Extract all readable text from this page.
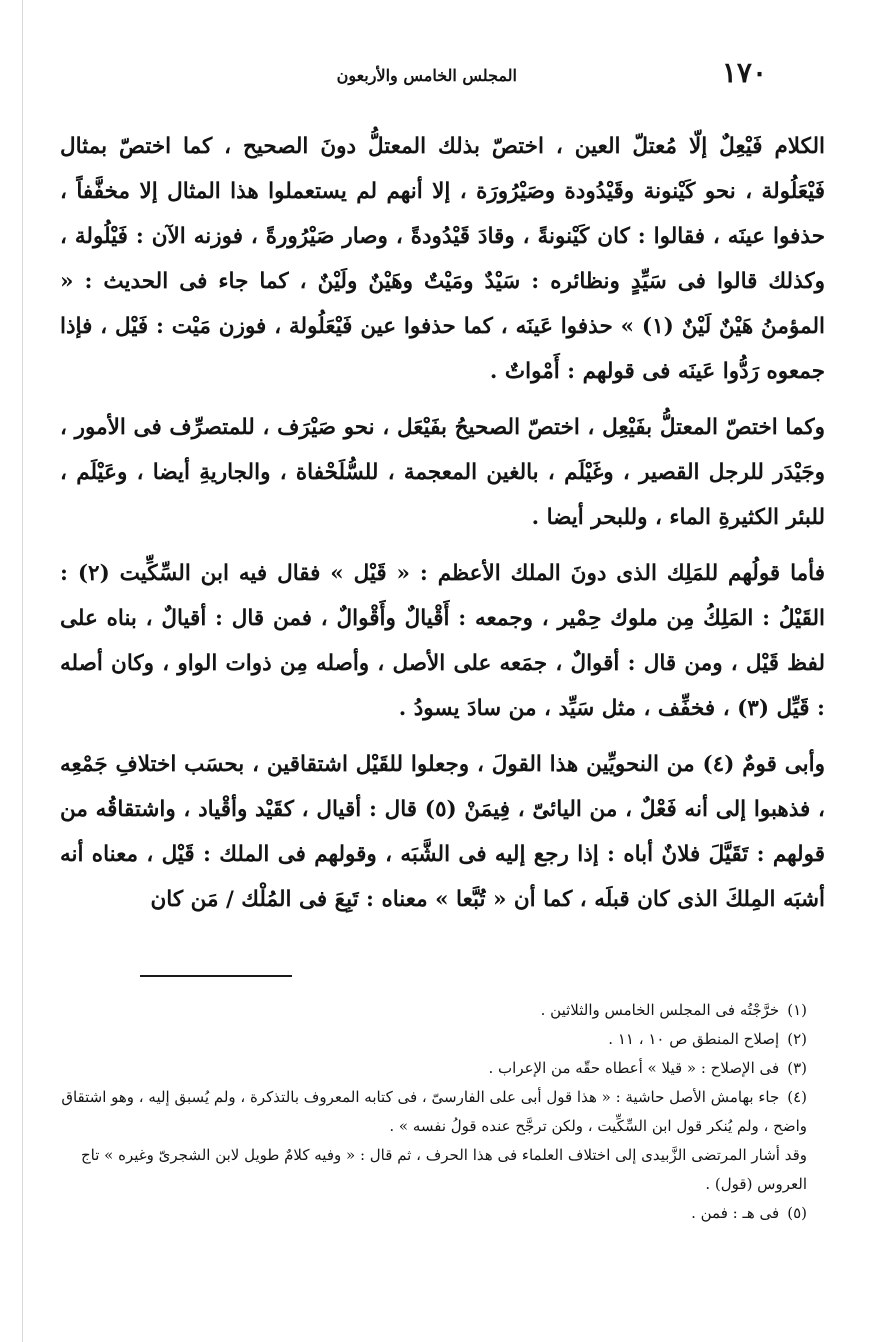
١٧٠
المجلس الخامس والأربعون

الكلام فَيْعِلٌ إلّا مُعتلّ العين ، اختصّ بذلك المعتلُّ دونَ الصحيح ، كما اختصّ بمثال فَيْعَلُولة ، نحو كَيْنونة وقَيْدُودة وصَيْرُورَة ، إلا أنهم لم يستعملوا هذا المثال إلا مخفَّفاً ، حذفوا عينَه ، فقالوا : كان كَيْنونةً ، وقادَ قَيْدُودةً ، وصار صَيْرُورةً ، فوزنه الآن : فَيْلُولة ، وكذلك قالوا فى سَيِّدٍ ونظائره : سَيْدٌ ومَيْتٌ وهَيْنٌ ولَيْنٌ ، كما جاء فى الحديث : « المؤمنُ هَيْنٌ لَيْنٌ (١) » حذفوا عَينَه ، كما حذفوا عين فَيْعَلُولة ، فوزن مَيْت : فَيْل ، فإذا جمعوه رَدُّوا عَينَه فى قولهم : أَمْواتٌ .

وكما اختصّ المعتلُّ بفَيْعِل ، اختصّ الصحيحُ بفَيْعَل ، نحو صَيْرَف ، للمتصرِّف فى الأمور ، وجَيْدَر للرجل القصير ، وغَيْلَم ، بالغين المعجمة ، للسُّلَحْفاة ، والجاريةِ أيضا ، وعَيْلَم ، للبئر الكثيرةِ الماء ، وللبحر أيضا .

فأما قولُهم للمَلِك الذى دونَ الملك الأعظم : « قَيْل » فقال فيه ابن السِّكِّيت (٢) : القَيْلُ : المَلِكُ مِن ملوك حِمْير ، وجمعه : أَقْيالٌ وأَقْوالٌ ، فمن قال : أقيالٌ ، بناه على لفظ قَيْل ، ومن قال : أقوالٌ ، جمَعه على الأصل ، وأصله مِن ذوات الواو ، وكان أصله : قَيِّل (٣) ، فخفِّف ، مثل سَيِّد ، من سادَ يسودُ .

وأبى قومٌ (٤) من النحويِّين هذا القولَ ، وجعلوا للقَيْل اشتقاقين ، بحسَب اختلافِ جَمْعِه ، فذهبوا إلى أنه فَعْلٌ ، من اليائىّ ، فِيمَنْ (٥) قال : أقيال ، كقَيْد وأقْياد ، واشتقاقُه من قولهم : تَقَيَّلَ فلانٌ أباه : إذا رجع إليه فى الشَّبَه ، وقولهم فى الملك : قَيْل ، معناه أنه أشبَه المِلكَ الذى كان قبلَه ، كما أن « تُبَّعا » معناه : تَبِعَ فى المُلْك / مَن كان

(١)خرَّجْتُه فى المجلس الخامس والثلاثين .

(٢)إصلاح المنطق ص ١٠ ، ١١ .

(٣)فى الإصلاح : « قيلا » أعطاه حقّه من الإعراب .

(٤)جاء بهامش الأصل حاشية : « هذا قول أبى على الفارسىّ ، فى كتابه المعروف بالتذكرة ، ولم يُسبق إليه ، وهو اشتقاق واضح ، ولم يُنكر قول ابن السِّكِّيت ، ولكن ترجَّح عنده قولُ نفسه » .

وقد أشار المرتضى الزَّبيدى إلى اختلاف العلماء فى هذا الحرف ، ثم قال : « وفيه كلامٌ طويل لابن الشجرىّ وغيره » تاج العروس (قول) .

(٥)فى هـ : فمن .
